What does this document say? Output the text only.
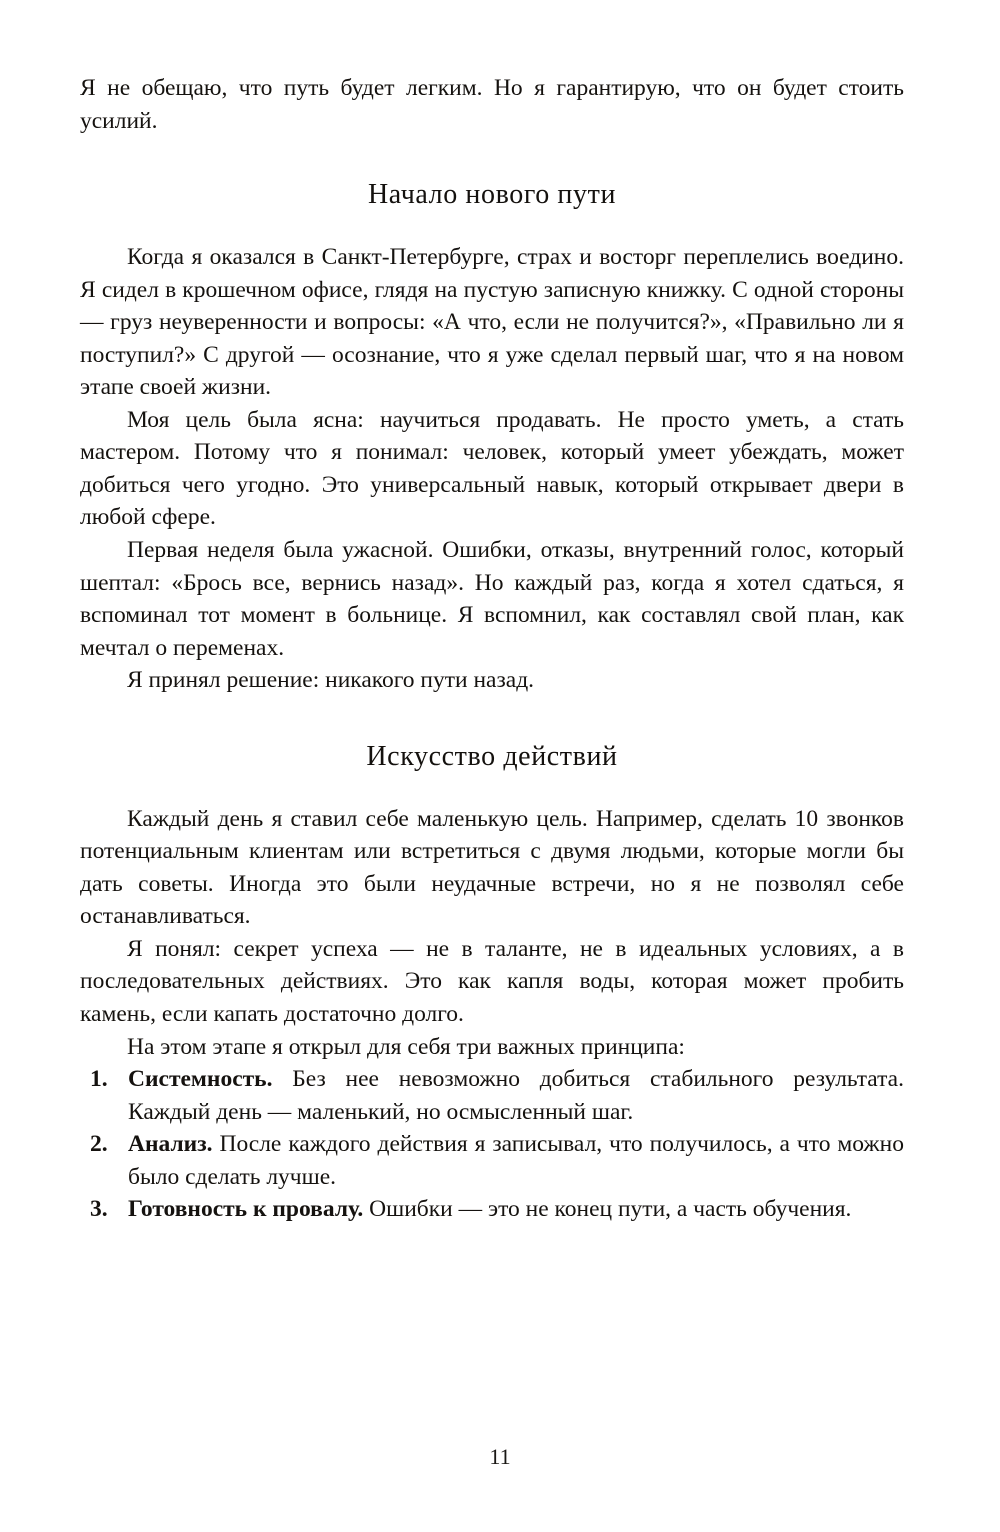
Я не обещаю, что путь будет легким. Но я гарантирую, что он будет стоить усилий.

Начало нового пути

Когда я оказался в Санкт-Петербурге, страх и восторг переплелись воедино. Я сидел в крошечном офисе, глядя на пустую записную книжку. С одной стороны — груз неуверенности и вопросы: «А что, если не получится?», «Правильно ли я поступил?» С другой — осознание, что я уже сделал первый шаг, что я на новом этапе своей жизни.

Моя цель была ясна: научиться продавать. Не просто уметь, а стать мастером. Потому что я понимал: человек, который умеет убеждать, может добиться чего угодно. Это универсальный навык, который открывает двери в любой сфере.

Первая неделя была ужасной. Ошибки, отказы, внутренний голос, который шептал: «Брось все, вернись назад». Но каждый раз, когда я хотел сдаться, я вспоминал тот момент в больнице. Я вспомнил, как составлял свой план, как мечтал о переменах.

Я принял решение: никакого пути назад.

Искусство действий

Каждый день я ставил себе маленькую цель. Например, сделать 10 звонков потенциальным клиентам или встретиться с двумя людьми, которые могли бы дать советы. Иногда это были неудачные встречи, но я не позволял себе останавливаться.

Я понял: секрет успеха — не в таланте, не в идеальных условиях, а в последовательных действиях. Это как капля воды, которая может пробить камень, если капать достаточно долго.

На этом этапе я открыл для себя три важных принципа:

1. Системность. Без нее невозможно добиться стабильного результата. Каждый день — маленький, но осмысленный шаг.
2. Анализ. После каждого действия я записывал, что получилось, а что можно было сделать лучше.
3. Готовность к провалу. Ошибки — это не конец пути, а часть обучения.
11
